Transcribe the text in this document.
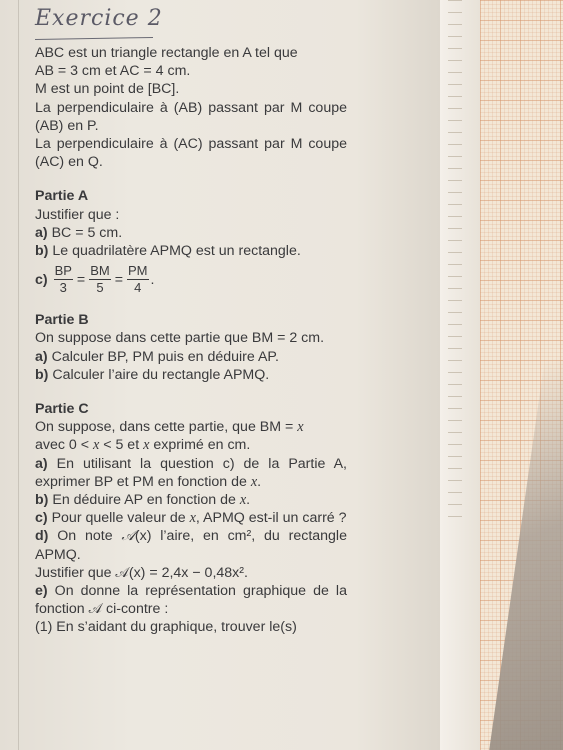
Exercice 2

ABC est un triangle rectangle en A tel que

AB = 3 cm et AC = 4 cm.

M est un point de [BC].

La perpendiculaire à (AB) passant par M coupe (AB) en P.

La perpendiculaire à (AC) passant par M coupe (AC) en Q.

Partie A

Justifier que :

a) BC = 5 cm.

b) Le quadrilatère APMQ est un rectangle.

c)
$\frac{BP}{3} = \frac{BM}{5} = \frac{PM}{4}$ .

Partie B

On suppose dans cette partie que BM = 2 cm.

a) Calculer BP, PM puis en déduire AP.

b) Calculer l’aire du rectangle APMQ.

Partie C

On suppose, dans cette partie, que BM = x

avec 0 < x < 5 et x exprimé en cm.

a) En utilisant la question c) de la Partie A, exprimer BP et PM en fonction de x.

b) En déduire AP en fonction de x.

c) Pour quelle valeur de x, APMQ est-il un carré ?

d) On note 𝒜(x) l’aire, en cm², du rectangle APMQ.

Justifier que 𝒜(x) = 2,4x − 0,48x².

e) On donne la représentation graphique de la fonction 𝒜 ci-contre :

(1) En s’aidant du graphique, trouver le(s)
